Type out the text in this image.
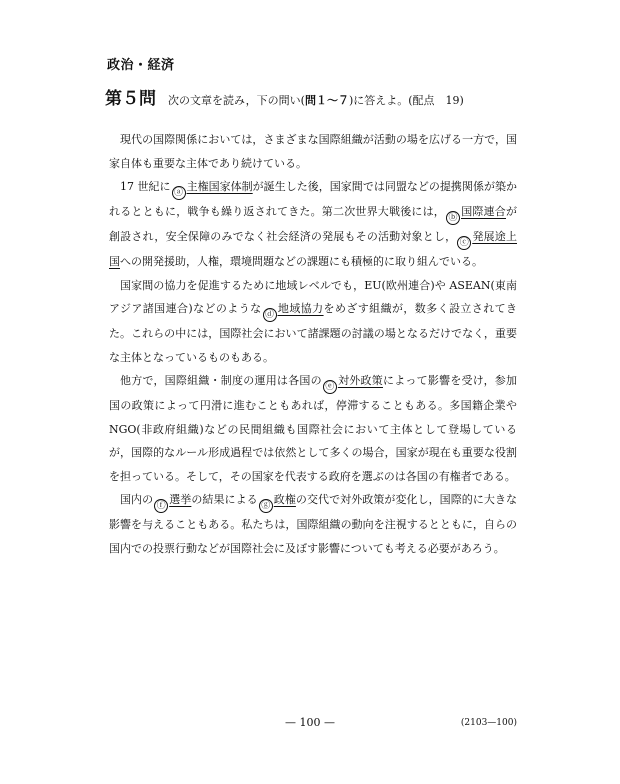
政治・経済
第５問 次の文章を読み，下の問い(問１〜７)に答えよ。(配点　19)

現代の国際関係においては，さまざまな国際組織が活動の場を広げる一方で，国家自体も重要な主体であり続けている。

17 世紀に ⓐ 主権国家体制が誕生した後，国家間では同盟などの提携関係が築かれるとともに，戦争も繰り返されてきた。第二次世界大戦後には， ⓑ 国際連合が創設され，安全保障のみでなく社会経済の発展もその活動対象とし， ⓒ 発展途上国への開発援助，人権，環境問題などの課題にも積極的に取り組んでいる。

国家間の協力を促進するために地域レベルでも，EU(欧州連合)や ASEAN(東南アジア諸国連合)などのような ⓓ 地域協力をめざす組織が，数多く設立されてきた。これらの中には，国際社会において諸課題の討議の場となるだけでなく，重要な主体となっているものもある。

他方で，国際組織・制度の運用は各国の ⓔ 対外政策によって影響を受け，参加国の政策によって円滑に進むこともあれば，停滞することもある。多国籍企業や NGO(非政府組織)などの民間組織も国際社会において主体として登場しているが，国際的なルール形成過程では依然として多くの場合，国家が現在も重要な役割を担っている。そして，その国家を代表する政府を選ぶのは各国の有権者である。

国内の ⓕ 選挙の結果による ⓖ 政権の交代で対外政策が変化し，国際的に大きな影響を与えることもある。私たちは，国際組織の動向を注視するとともに，自らの国内での投票行動などが国際社会に及ぼす影響についても考える必要があろう。

— 100 —	(2103—100)
